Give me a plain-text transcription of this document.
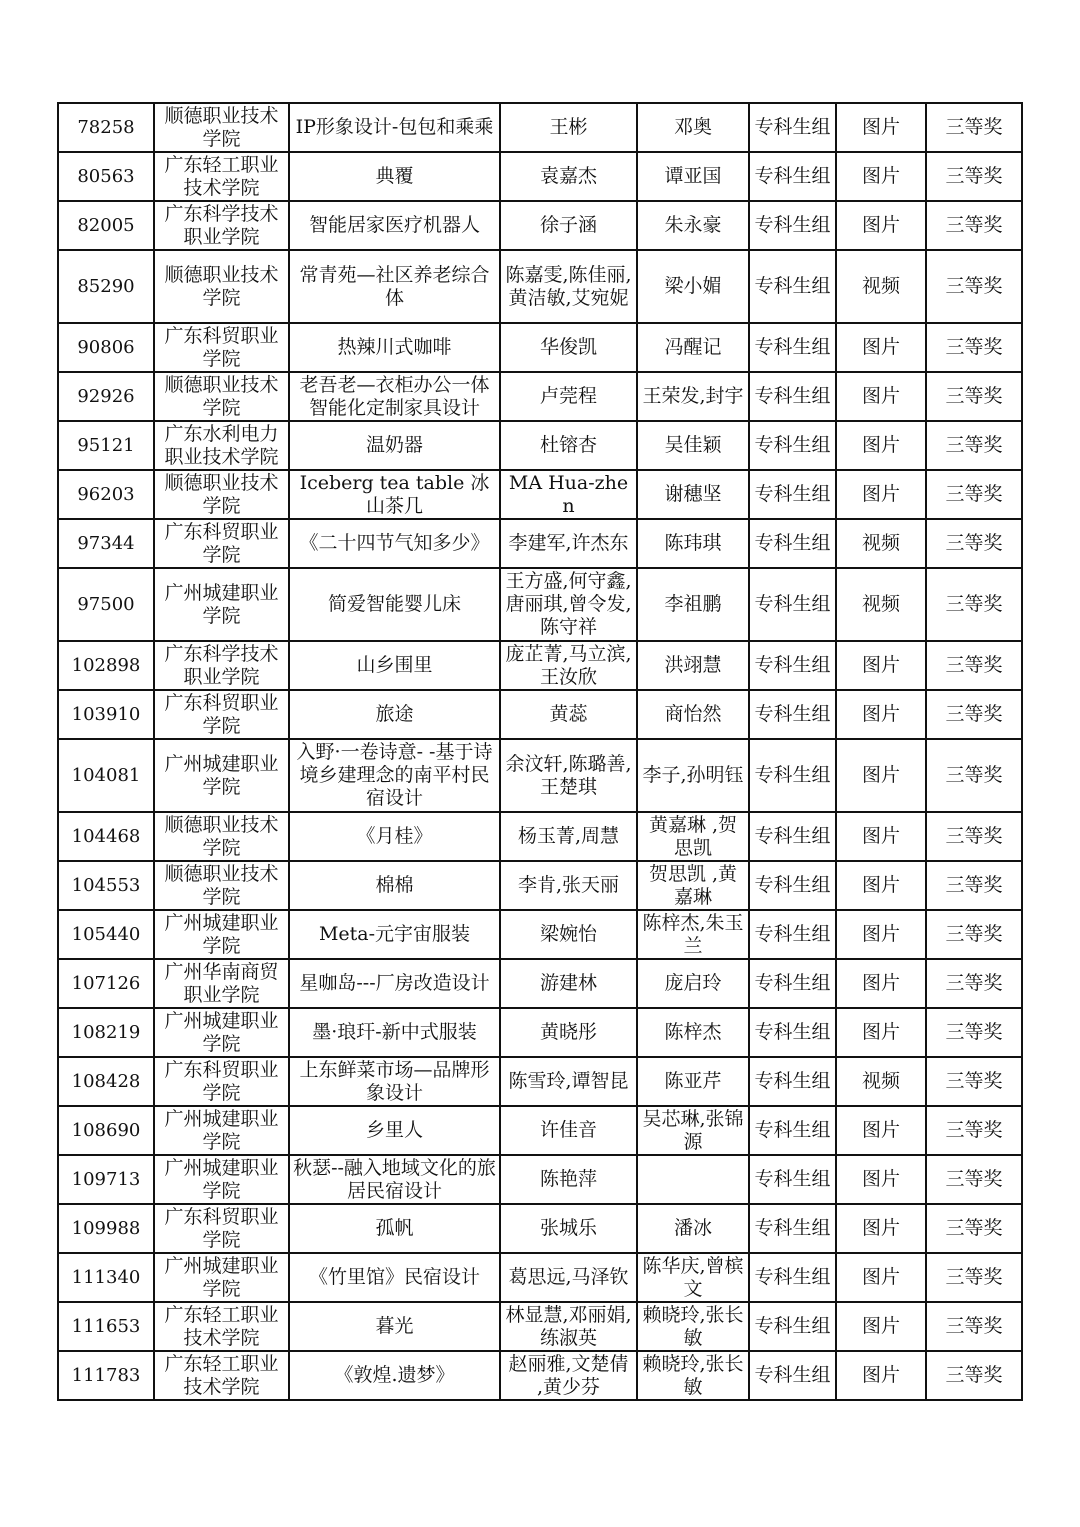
78258	顺德职业技术学院	IP形象设计-包包和乘乘	王彬	邓奥	专科生组	图片	三等奖
80563	广东轻工职业技术学院	典覆	袁嘉杰	谭亚国	专科生组	图片	三等奖
82005	广东科学技术职业学院	智能居家医疗机器人	徐子涵	朱永豪	专科生组	图片	三等奖
85290	顺德职业技术学院	常青苑—社区养老综合体	陈嘉雯,陈佳丽,黄洁敏,艾宛妮	梁小媚	专科生组	视频	三等奖
90806	广东科贸职业学院	热辣川式咖啡	华俊凯	冯醒记	专科生组	图片	三等奖
92926	顺德职业技术学院	老吾老—衣柜办公一体智能化定制家具设计	卢莞程	王荣发,封宇	专科生组	图片	三等奖
95121	广东水利电力职业技术学院	温奶器	杜镕杏	吴佳颖	专科生组	图片	三等奖
96203	顺德职业技术学院	Iceberg tea table 冰山茶几	MA Hua-zhen	谢穗坚	专科生组	图片	三等奖
97344	广东科贸职业学院	《二十四节气知多少》	李建军,许杰东	陈玮琪	专科生组	视频	三等奖
97500	广州城建职业学院	简爱智能婴儿床	王方盛,何守鑫,唐丽琪,曾令发,陈守祥	李祖鹏	专科生组	视频	三等奖
102898	广东科学技术职业学院	山乡围里	庞芷菁,马立滨,王汝欣	洪翊慧	专科生组	图片	三等奖
103910	广东科贸职业学院	旅途	黄蕊	商怡然	专科生组	图片	三等奖
104081	广州城建职业学院	入野·一卷诗意- -基于诗境乡建理念的南平村民宿设计	余汶轩,陈璐善,王楚琪	李子,孙明钰	专科生组	图片	三等奖
104468	顺德职业技术学院	《月桂》	杨玉菁,周慧	黄嘉琳 ,贺思凯	专科生组	图片	三等奖
104553	顺德职业技术学院	棉棉	李肯,张天丽	贺思凯 ,黄嘉琳	专科生组	图片	三等奖
105440	广州城建职业学院	Meta-元宇宙服装	梁婉怡	陈梓杰,朱玉兰	专科生组	图片	三等奖
107126	广州华南商贸职业学院	星咖岛---厂房改造设计	游建林	庞启玲	专科生组	图片	三等奖
108219	广州城建职业学院	墨·琅玕-新中式服装	黄晓彤	陈梓杰	专科生组	图片	三等奖
108428	广东科贸职业学院	上东鲜菜市场—品牌形象设计	陈雪玲,谭智昆	陈亚芹	专科生组	视频	三等奖
108690	广州城建职业学院	乡里人	许佳音	吴芯琳,张锦源	专科生组	图片	三等奖
109713	广州城建职业学院	秋瑟--融入地域文化的旅居民宿设计	陈艳萍		专科生组	图片	三等奖
109988	广东科贸职业学院	孤帆	张城乐	潘冰	专科生组	图片	三等奖
111340	广州城建职业学院	《竹里馆》民宿设计	葛思远,马泽钦	陈华庆,曾槟文	专科生组	图片	三等奖
111653	广东轻工职业技术学院	暮光	林显慧,邓丽娟,练淑英	赖晓玲,张长敏	专科生组	图片	三等奖
111783	广东轻工职业技术学院	《敦煌.遗梦》	赵丽雅,文楚倩 ,黄少芬	赖晓玲,张长敏	专科生组	图片	三等奖
